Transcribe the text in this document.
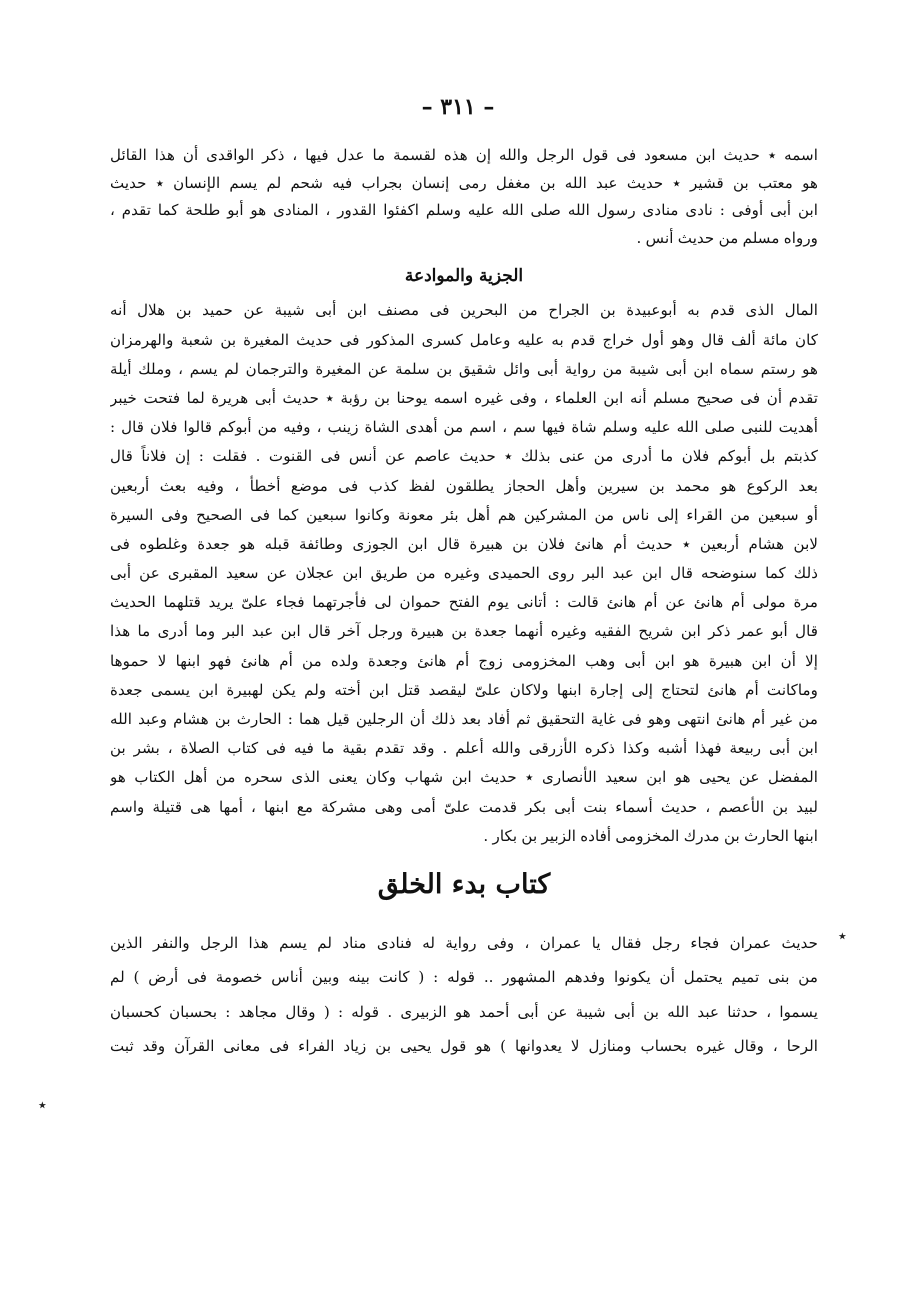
– ٣١١ –
اسمه ٭ حديث ابن مسعود فى قول الرجل والله إن هذه لقسمة ما عدل فيها ، ذكر الواقدى أن هذا القائل
هو معتب بن قشير ٭ حديث عبد الله بن مغفل رمى إنسان بجراب فيه شحم لم يسم الإنسان ٭ حديث
ابن أبى أوفى : نادى منادى رسول الله صلى الله عليه وسلم اكفئوا القدور ، المنادى هو أبو طلحة كما تقدم ،
ورواه مسلم من حديث أنس .
الجزية والموادعة
المال الذى قدم به أبوعبيدة بن الجراح من البحرين فى مصنف ابن أبى شيبة عن حميد بن هلال أنه
كان مائة ألف قال وهو أول خراج قدم به عليه وعامل كسرى المذكور فى حديث المغيرة بن شعبة والهرمزان
هو رستم سماه ابن أبى شيبة من رواية أبى وائل شقيق بن سلمة عن المغيرة والترجمان لم يسم ، وملك أيلة
تقدم أن فى صحيح مسلم أنه ابن العلماء ، وفى غيره اسمه يوحنا بن رؤبة ٭ حديث أبى هريرة لما فتحت خيبر
أهديت للنبى صلى الله عليه وسلم شاة فيها سم ، اسم من أهدى الشاة زينب ، وفيه من أبوكم قالوا فلان قال :
كذبتم بل أبوكم فلان ما أدرى من عنى بذلك ٭ حديث عاصم عن أنس فى القنوت . فقلت : إن فلاناً قال
بعد الركوع هو محمد بن سيرين وأهل الحجاز يطلقون لفظ كذب فى موضع أخطأ ، وفيه بعث أربعين
أو سبعين من القراء إلى ناس من المشركين هم أهل بئر معونة وكانوا سبعين كما فى الصحيح وفى السيرة
لابن هشام أربعين ٭ حديث أم هانئ فلان بن هبيرة قال ابن الجوزى وطائفة قبله هو جعدة وغلطوه فى
ذلك كما سنوضحه قال ابن عبد البر روى الحميدى وغيره من طريق ابن عجلان عن سعيد المقبرى عن أبى
مرة مولى أم هانئ عن أم هانئ قالت : أتانى يوم الفتح حموان لى فأجرتهما فجاء علىّ يريد قتلهما الحديث
قال أبو عمر ذكر ابن شريح الفقيه وغيره أنهما جعدة بن هبيرة ورجل آخر قال ابن عبد البر وما أدرى ما هذا
إلا أن ابن هبيرة هو ابن أبى وهب المخزومى زوج أم هانئ وجعدة ولده من أم هانئ فهو ابنها لا حموها
وماكانت أم هانئ لتحتاج إلى إجارة ابنها ولاكان علىّ ليقصد قتل ابن أخته ولم يكن لهبيرة ابن يسمى جعدة
من غير أم هانئ انتهى وهو فى غاية التحقيق ثم أفاد بعد ذلك أن الرجلين قيل هما : الحارث بن هشام وعبد الله
ابن أبى ربيعة فهذا أشبه وكذا ذكره الأزرقى والله أعلم . وقد تقدم بقية ما فيه فى كتاب الصلاة ، بشر بن
المفضل عن يحيى هو ابن سعيد الأنصارى ٭ حديث ابن شهاب وكان يعنى الذى سحره من أهل الكتاب هو
لبيد بن الأعصم ، حديث أسماء بنت أبى بكر قدمت علىّ أمى وهى مشركة مع ابنها ، أمها هى قتيلة واسم
ابنها الحارث بن مدرك المخزومى أفاده الزبير بن بكار .
كتاب بدء الخلق
حديث عمران فجاء رجل فقال يا عمران ، وفى رواية له فنادى مناد لم يسم هذا الرجل والنفر الذين
من بنى تميم يحتمل أن يكونوا وفدهم المشهور .. قوله : ( كانت بينه وبين أناس خصومة فى أرض ) لم
يسموا ، حدثنا عبد الله بن أبى شيبة عن أبى أحمد هو الزبيرى . قوله : ( وقال مجاهد : بحسبان كحسبان
الرحا ، وقال غيره بحساب ومنازل لا يعدوانها ) هو قول يحيى بن زياد الفراء فى معانى القرآن وقد ثبت
٭
٭
